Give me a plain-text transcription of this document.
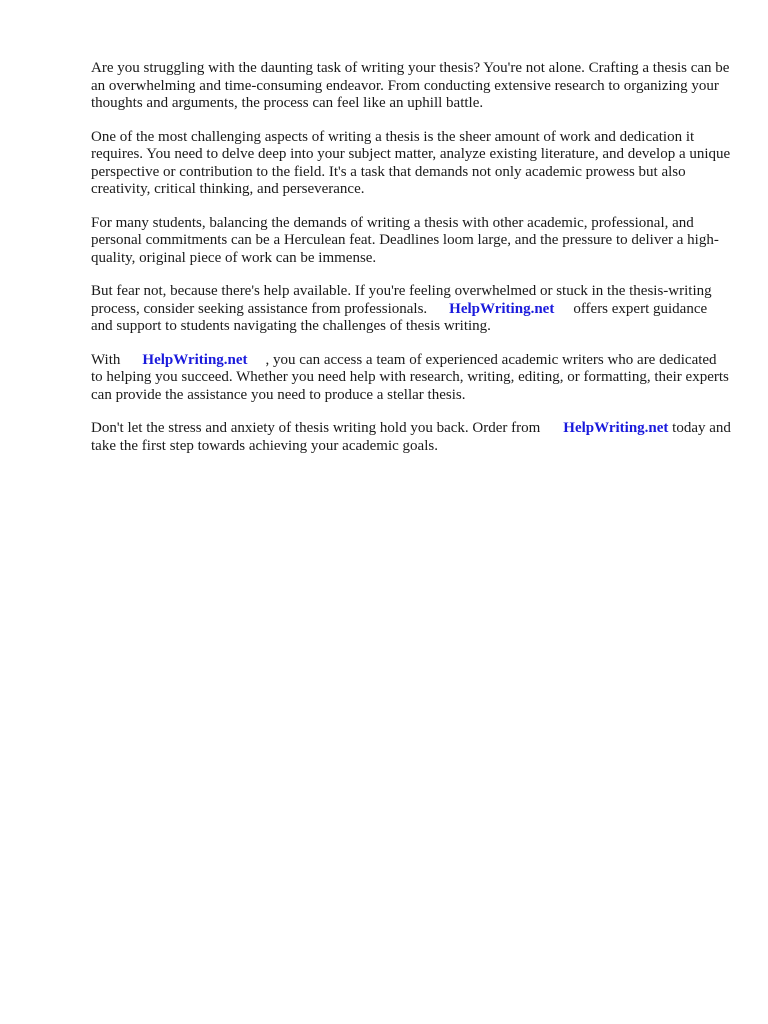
Are you struggling with the daunting task of writing your thesis? You're not alone. Crafting a thesis can be an overwhelming and time-consuming endeavor. From conducting extensive research to organizing your thoughts and arguments, the process can feel like an uphill battle.

One of the most challenging aspects of writing a thesis is the sheer amount of work and dedication it requires. You need to delve deep into your subject matter, analyze existing literature, and develop a unique perspective or contribution to the field. It's a task that demands not only academic prowess but also creativity, critical thinking, and perseverance.

For many students, balancing the demands of writing a thesis with other academic, professional, and personal commitments can be a Herculean feat. Deadlines loom large, and the pressure to deliver a high-quality, original piece of work can be immense.

But fear not, because there's help available. If you're feeling overwhelmed or stuck in the thesis-writing process, consider seeking assistance from professionals. HelpWriting.net offers expert guidance and support to students navigating the challenges of thesis writing.

With HelpWriting.net , you can access a team of experienced academic writers who are dedicated to helping you succeed. Whether you need help with research, writing, editing, or formatting, their experts can provide the assistance you need to produce a stellar thesis.

Don't let the stress and anxiety of thesis writing hold you back. Order from HelpWriting.net today and take the first step towards achieving your academic goals.
